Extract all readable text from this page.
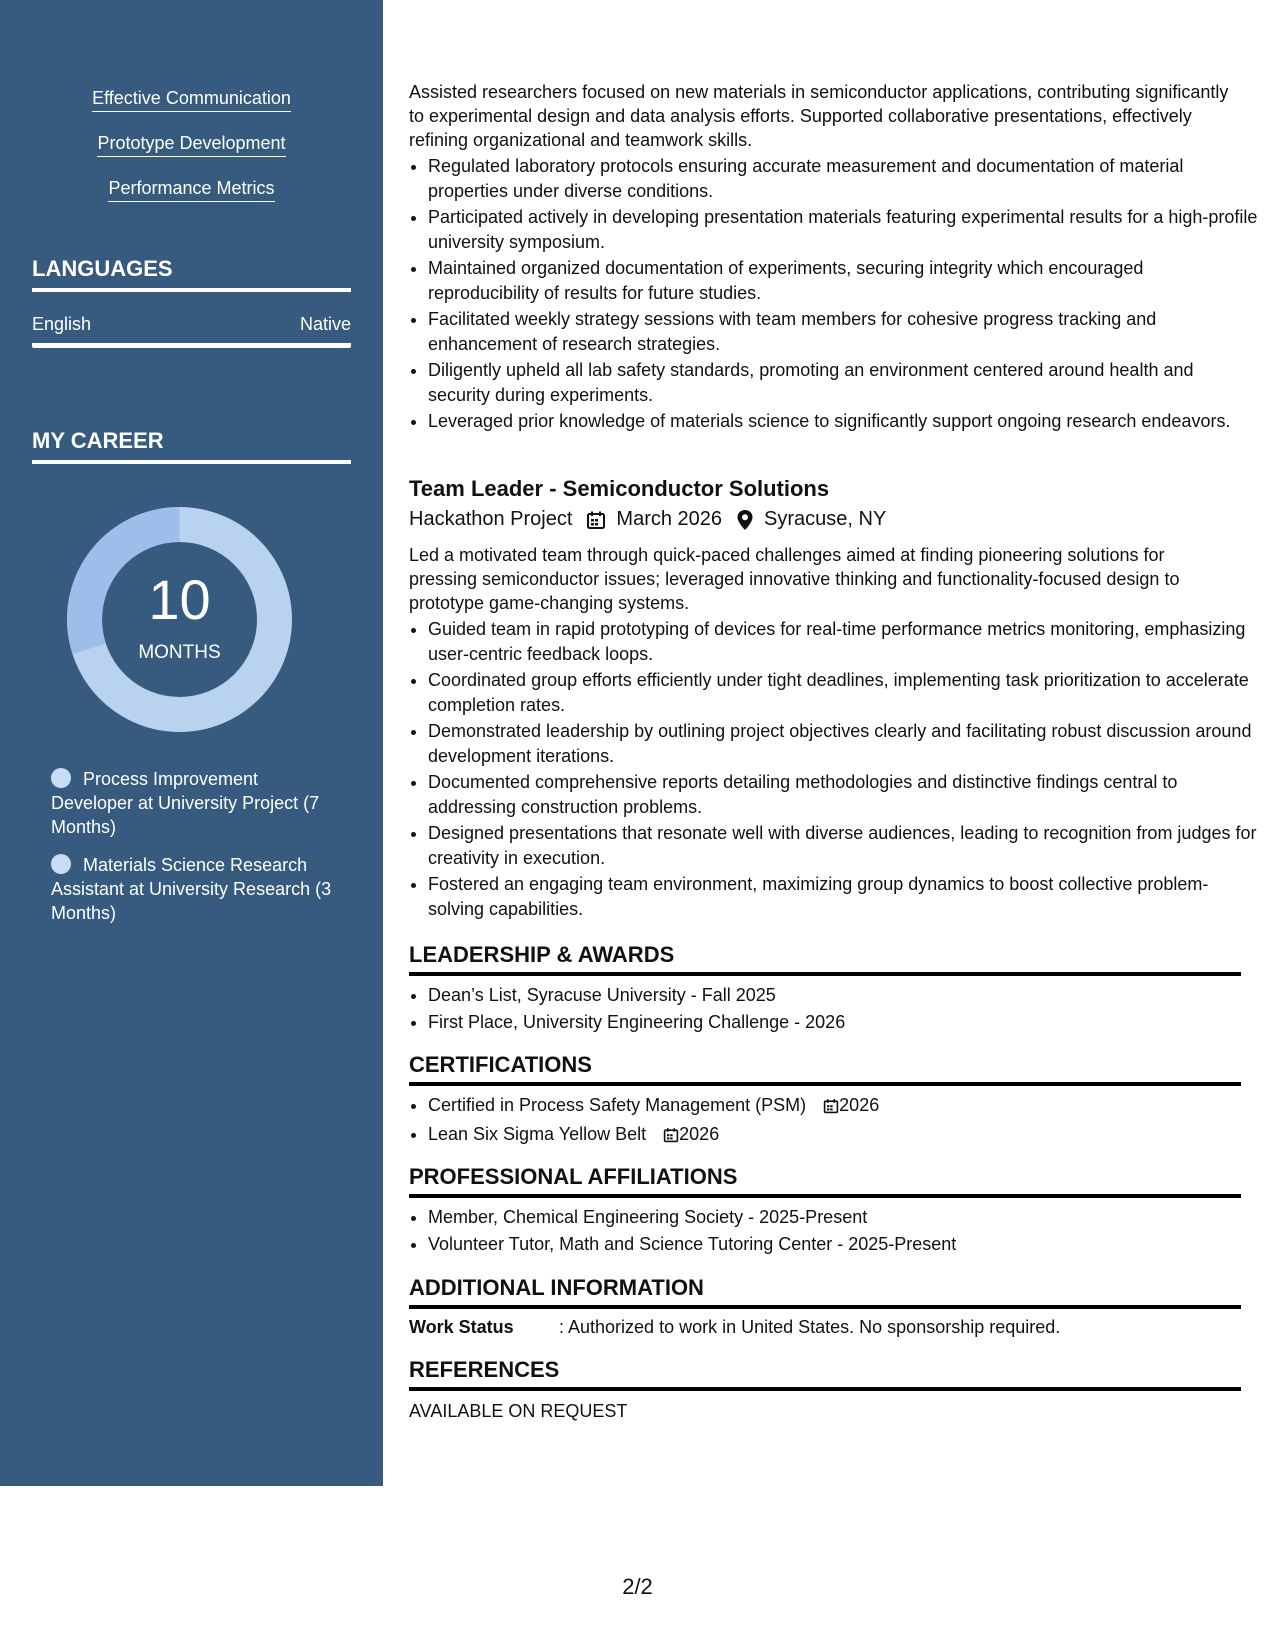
Effective Communication
Prototype Development
Performance Metrics
LANGUAGES
English	Native
MY CAREER
10
MONTHS
Process Improvement Developer at University Project (7 Months)
Materials Science Research Assistant at University Research (3 Months)

Assisted researchers focused on new materials in semiconductor applications, contributing significantly to experimental design and data analysis efforts. Supported collaborative presentations, effectively refining organizational and teamwork skills.

• Regulated laboratory protocols ensuring accurate measurement and documentation of material properties under diverse conditions.
• Participated actively in developing presentation materials featuring experimental results for a high-profile university symposium.
• Maintained organized documentation of experiments, securing integrity which encouraged reproducibility of results for future studies.
• Facilitated weekly strategy sessions with team members for cohesive progress tracking and enhancement of research strategies.
• Diligently upheld all lab safety standards, promoting an environment centered around health and security during experiments.
• Leveraged prior knowledge of materials science to significantly support ongoing research endeavors.
Team Leader - Semiconductor Solutions
Hackathon Project March 2026 Syracuse, NY

Led a motivated team through quick-paced challenges aimed at finding pioneering solutions for pressing semiconductor issues; leveraged innovative thinking and functionality-focused design to prototype game-changing systems.

• Guided team in rapid prototyping of devices for real-time performance metrics monitoring, emphasizing user-centric feedback loops.
• Coordinated group efforts efficiently under tight deadlines, implementing task prioritization to accelerate completion rates.
• Demonstrated leadership by outlining project objectives clearly and facilitating robust discussion around development iterations.
• Documented comprehensive reports detailing methodologies and distinctive findings central to addressing construction problems.
• Designed presentations that resonate well with diverse audiences, leading to recognition from judges for creativity in execution.
• Fostered an engaging team environment, maximizing group dynamics to boost collective problem-solving capabilities.
LEADERSHIP & AWARDS
• Dean’s List, Syracuse University - Fall 2025
• First Place, University Engineering Challenge - 2026
CERTIFICATIONS
• Certified in Process Safety Management (PSM) 2026
• Lean Six Sigma Yellow Belt 2026
PROFESSIONAL AFFILIATIONS
• Member, Chemical Engineering Society - 2025-Present
• Volunteer Tutor, Math and Science Tutoring Center - 2025-Present
ADDITIONAL INFORMATION
Work Status	: Authorized to work in United States. No sponsorship required.
REFERENCES
AVAILABLE ON REQUEST
2/2
